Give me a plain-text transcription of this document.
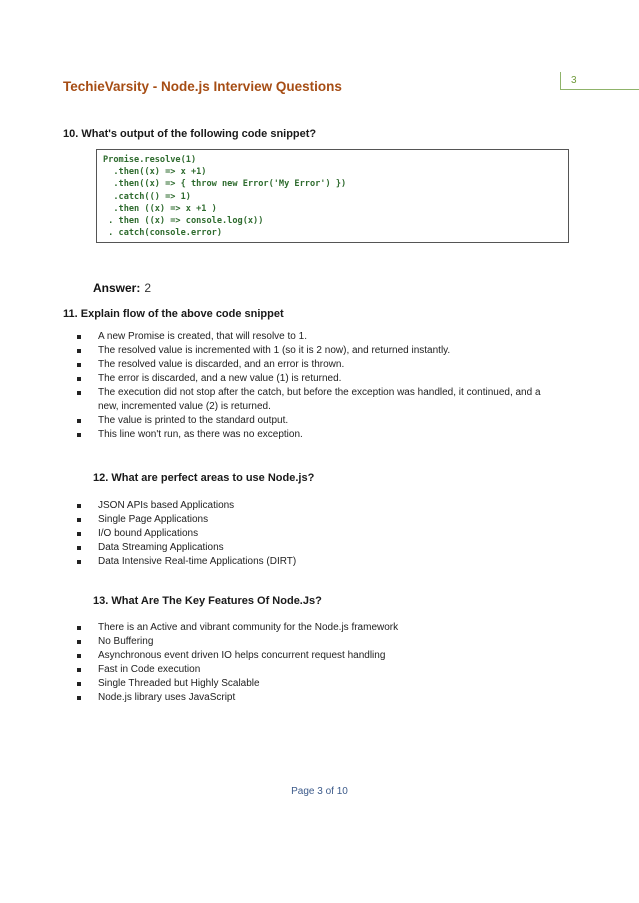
3
TechieVarsity - Node.js Interview Questions
10. What's output of the following code snippet?
Promise.resolve(1)
.then((x) => x +1)
.then((x) => { throw new Error('My Error') })
.catch(() => 1)
.then ((x) => x +1 )
. then ((x) => console.log(x))
. catch(console.error)
Answer: 2
11. Explain flow of the above code snippet
A new Promise is created, that will resolve to 1.
The resolved value is incremented with 1 (so it is 2 now), and returned instantly.
The resolved value is discarded, and an error is thrown.
The error is discarded, and a new value (1) is returned.
The execution did not stop after the catch, but before the exception was handled, it continued, and a new, incremented value (2) is returned.
The value is printed to the standard output.
This line won't run, as there was no exception.
12. What are perfect areas to use Node.js?
JSON APIs based Applications
Single Page Applications
I/O bound Applications
Data Streaming Applications
Data Intensive Real-time Applications (DIRT)
13. What Are The Key Features Of Node.Js?
There is an Active and vibrant community for the Node.js framework
No Buffering
Asynchronous event driven IO helps concurrent request handling
Fast in Code execution
Single Threaded but Highly Scalable
Node.js library uses JavaScript
Page 3 of 10
